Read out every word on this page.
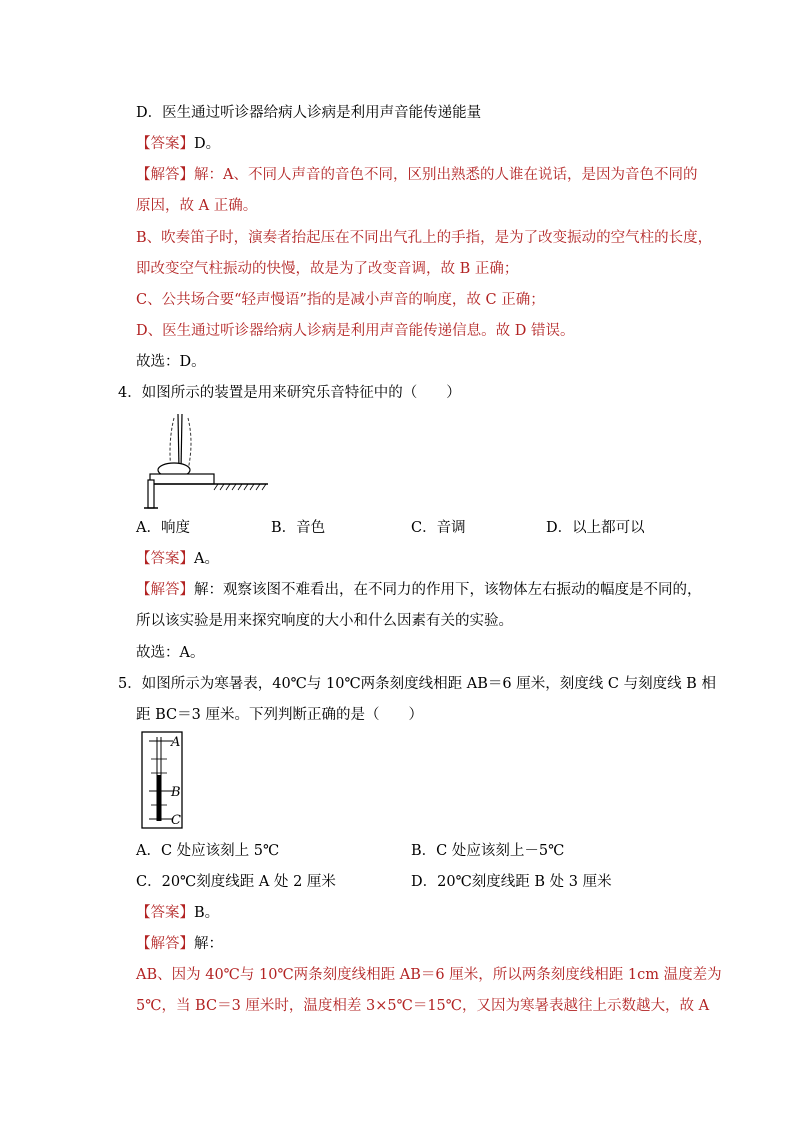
D．医生通过听诊器给病人诊病是利用声音能传递能量
【答案】D。
【解答】解：A、不同人声音的音色不同，区别出熟悉的人谁在说话，是因为音色不同的
原因，故 A 正确。
B、吹奏笛子时，演奏者抬起压在不同出气孔上的手指，是为了改变振动的空气柱的长度，
即改变空气柱振动的快慢，故是为了改变音调，故 B 正确；
C、公共场合要“轻声慢语”指的是减小声音的响度，故 C 正确；
D、医生通过听诊器给病人诊病是利用声音能传递信息。故 D 错误。
故选：D。
4．如图所示的装置是用来研究乐音特征中的（　　）
A．响度	B．音色	C．音调	D．以上都可以
【答案】A。
【解答】解：观察该图不难看出，在不同力的作用下，该物体左右振动的幅度是不同的，
所以该实验是用来探究响度的大小和什么因素有关的实验。
故选：A。
5．如图所示为寒暑表，40℃与 10℃两条刻度线相距 AB＝6 厘米，刻度线 C 与刻度线 B 相
距 BC＝3 厘米。下列判断正确的是（　　）
A
B
C
A．C 处应该刻上 5℃	B．C 处应该刻上－5℃
C．20℃刻度线距 A 处 2 厘米	D．20℃刻度线距 B 处 3 厘米
【答案】B。
【解答】解：
AB、因为 40℃与 10℃两条刻度线相距 AB＝6 厘米，所以两条刻度线相距 1cm 温度差为
5℃，当 BC＝3 厘米时，温度相差 3×5℃＝15℃，又因为寒暑表越往上示数越大，故 A
